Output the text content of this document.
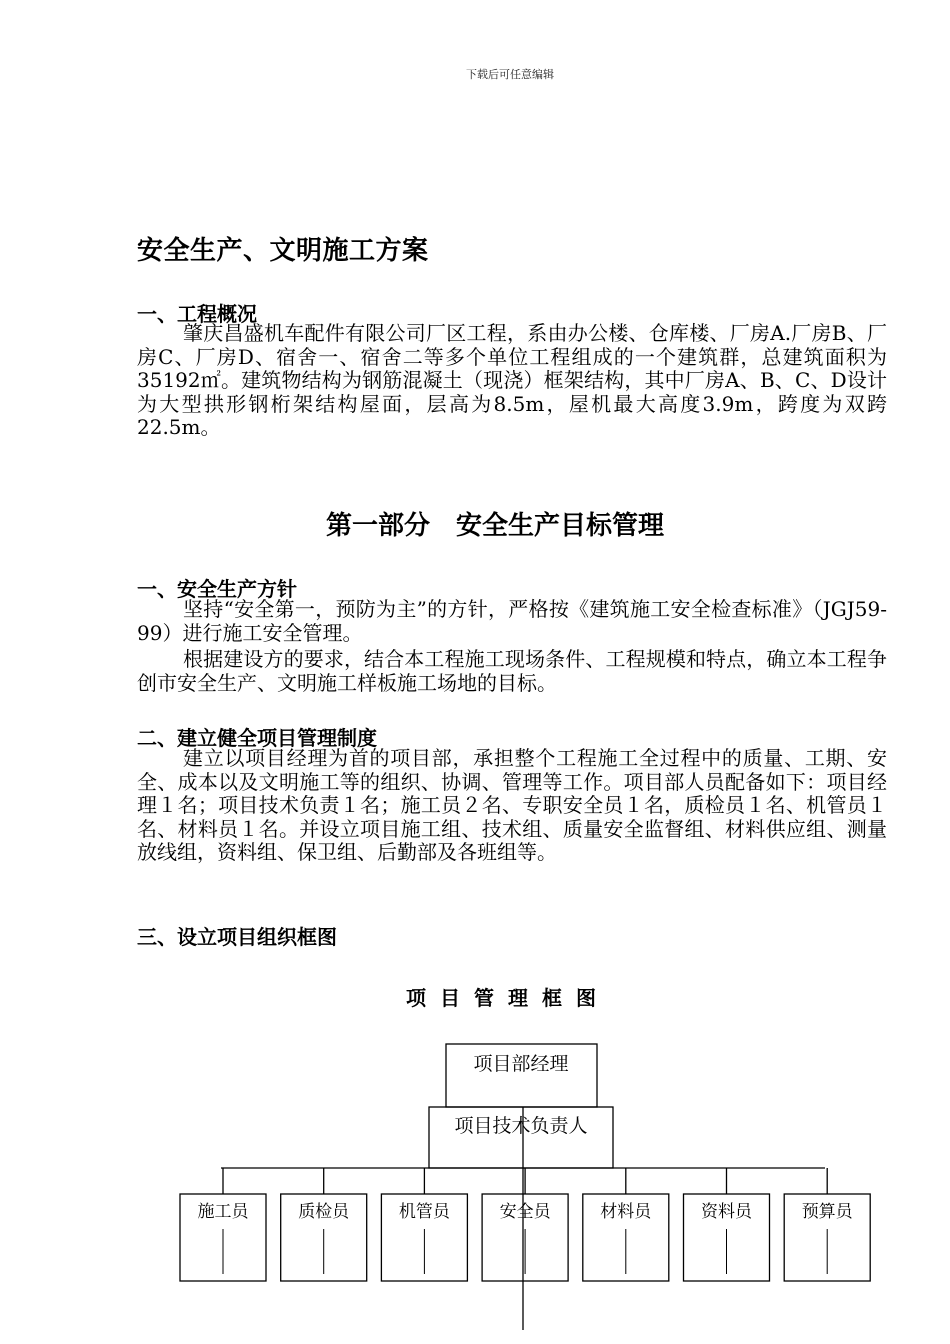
下载后可任意编辑
安全生产、文明施工方案
一、工程概况

肇庆昌盛机车配件有限公司厂区工程，系由办公楼、仓库楼、厂房A.厂房B、厂房C、厂房D、宿舍一、宿舍二等多个单位工程组成的一个建筑群，总建筑面积为35192㎡。建筑物结构为钢筋混凝土（现浇）框架结构，其中厂房A、B、C、D设计为大型拱形钢桁架结构屋面，层高为8.5m，屋机最大高度3.9m，跨度为双跨22.5m。

第一部分　安全生产目标管理
一、安全生产方针

坚持“安全第一，预防为主”的方针，严格按《建筑施工安全检查标准》（JGJ59-99）进行施工安全管理。

根据建设方的要求，结合本工程施工现场条件、工程规模和特点，确立本工程争创市安全生产、文明施工样板施工场地的目标。

二、建立健全项目管理制度

建立以项目经理为首的项目部，承担整个工程施工全过程中的质量、工期、安全、成本以及文明施工等的组织、协调、管理等工作。项目部人员配备如下：项目经理１名；项目技术负责１名；施工员２名、专职安全员１名，质检员１名、机管员１名、材料员１名。并设立项目施工组、技术组、质量安全监督组、材料供应组、测量放线组，资料组、保卫组、后勤部及各班组等。

三、设立项目组织框图
项目管理框图
项目部经理
项目技术负责人
施工员	质检员	机管员	安全员	材料员	资料员	预算员
